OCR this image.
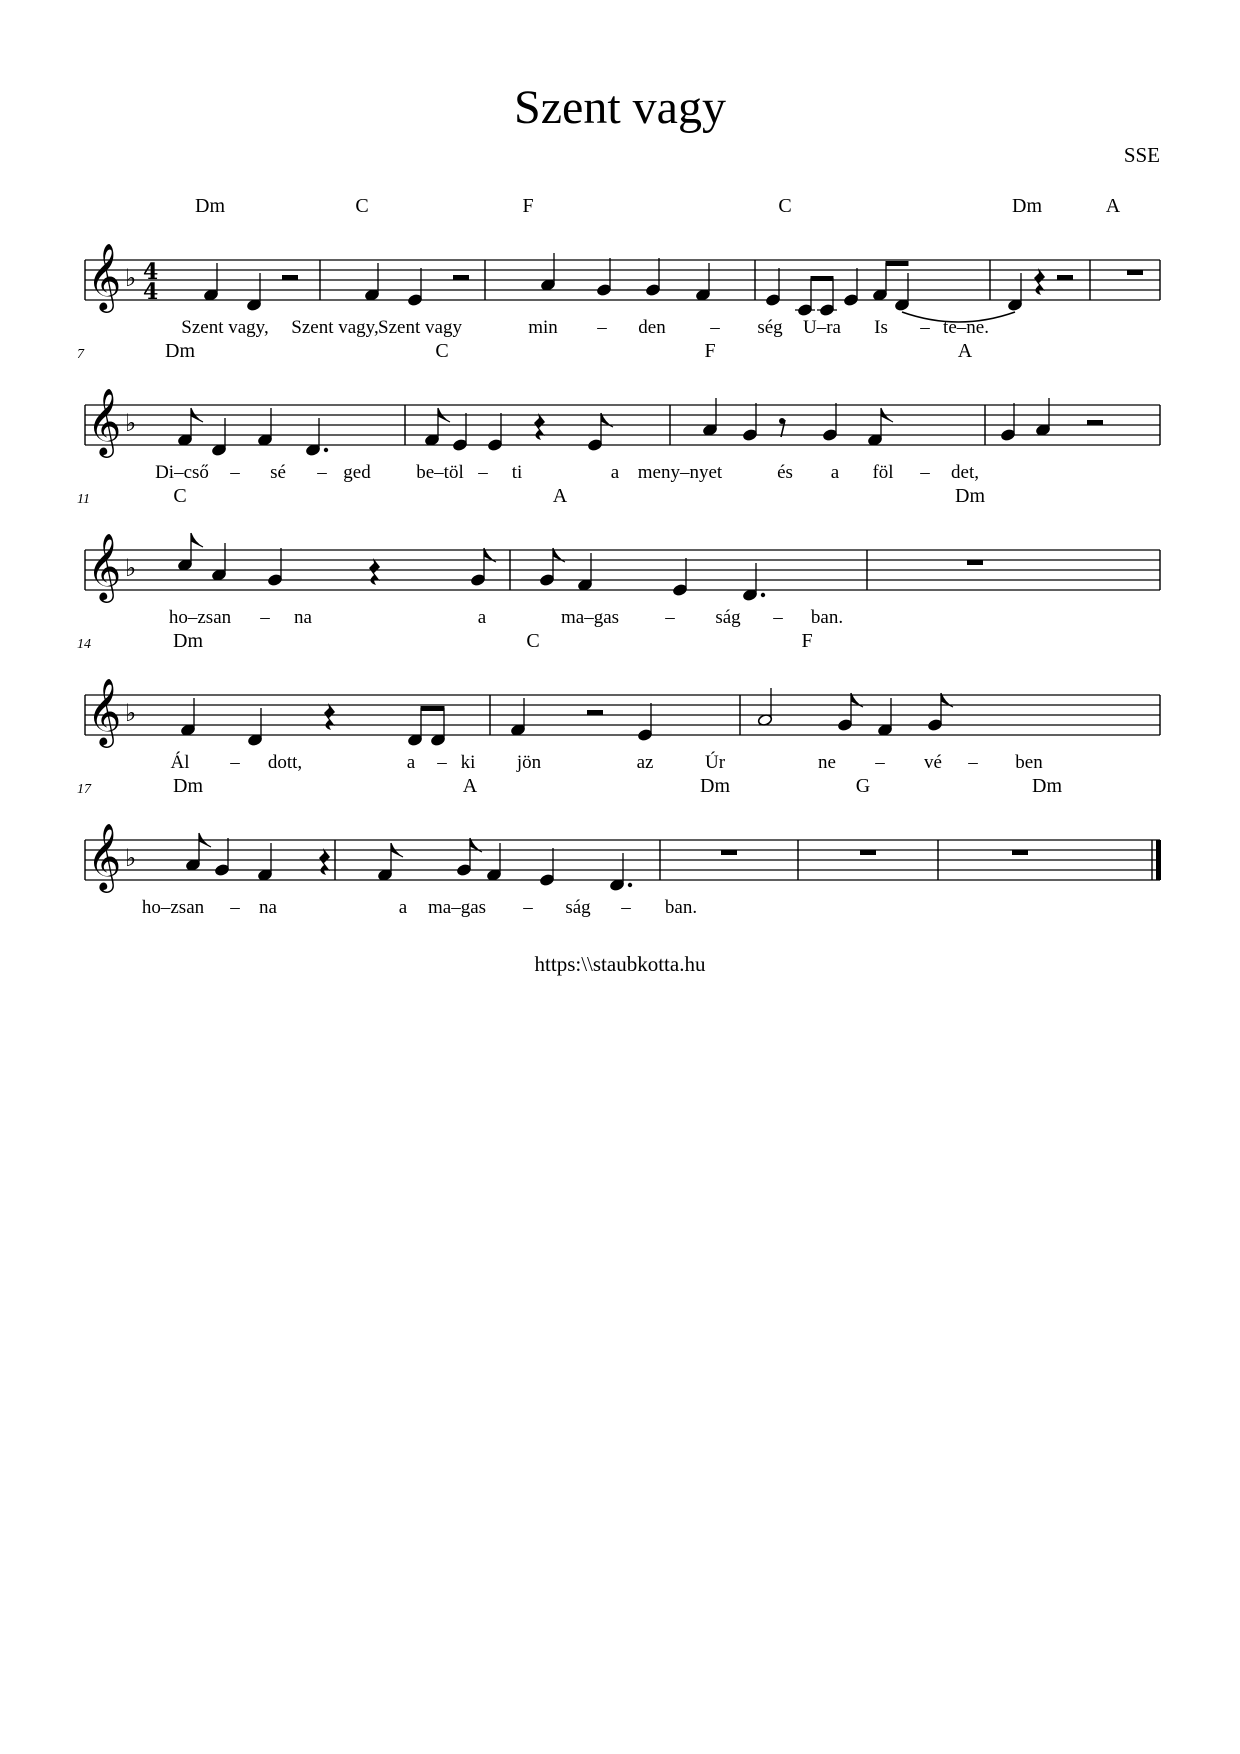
Szent vagy
SSE
𝄞 ♭ 4
4
Dm	C	F	C	Dm	A
Szent vagy, Szent vagy, Szent vagy	min – den – ség U–ra Is – te–ne.
𝄞 ♭
7	Dm	C	F	A
Di–cső – sé – ged be–töl – ti	a meny–nyet	és a föl – det,
𝄞 ♭
11	C	A	Dm
ho–zsan – na	a	ma–gas – ság – ban.
𝄞 ♭
14	Dm	C	F
Ál – dott,	a – ki jön	az	Úr	ne – vé – ben
𝄞 ♭
17	Dm	A	Dm	G	Dm
ho–zsan – na	a ma–gas – ság – ban.
https:\\staubkotta.hu
